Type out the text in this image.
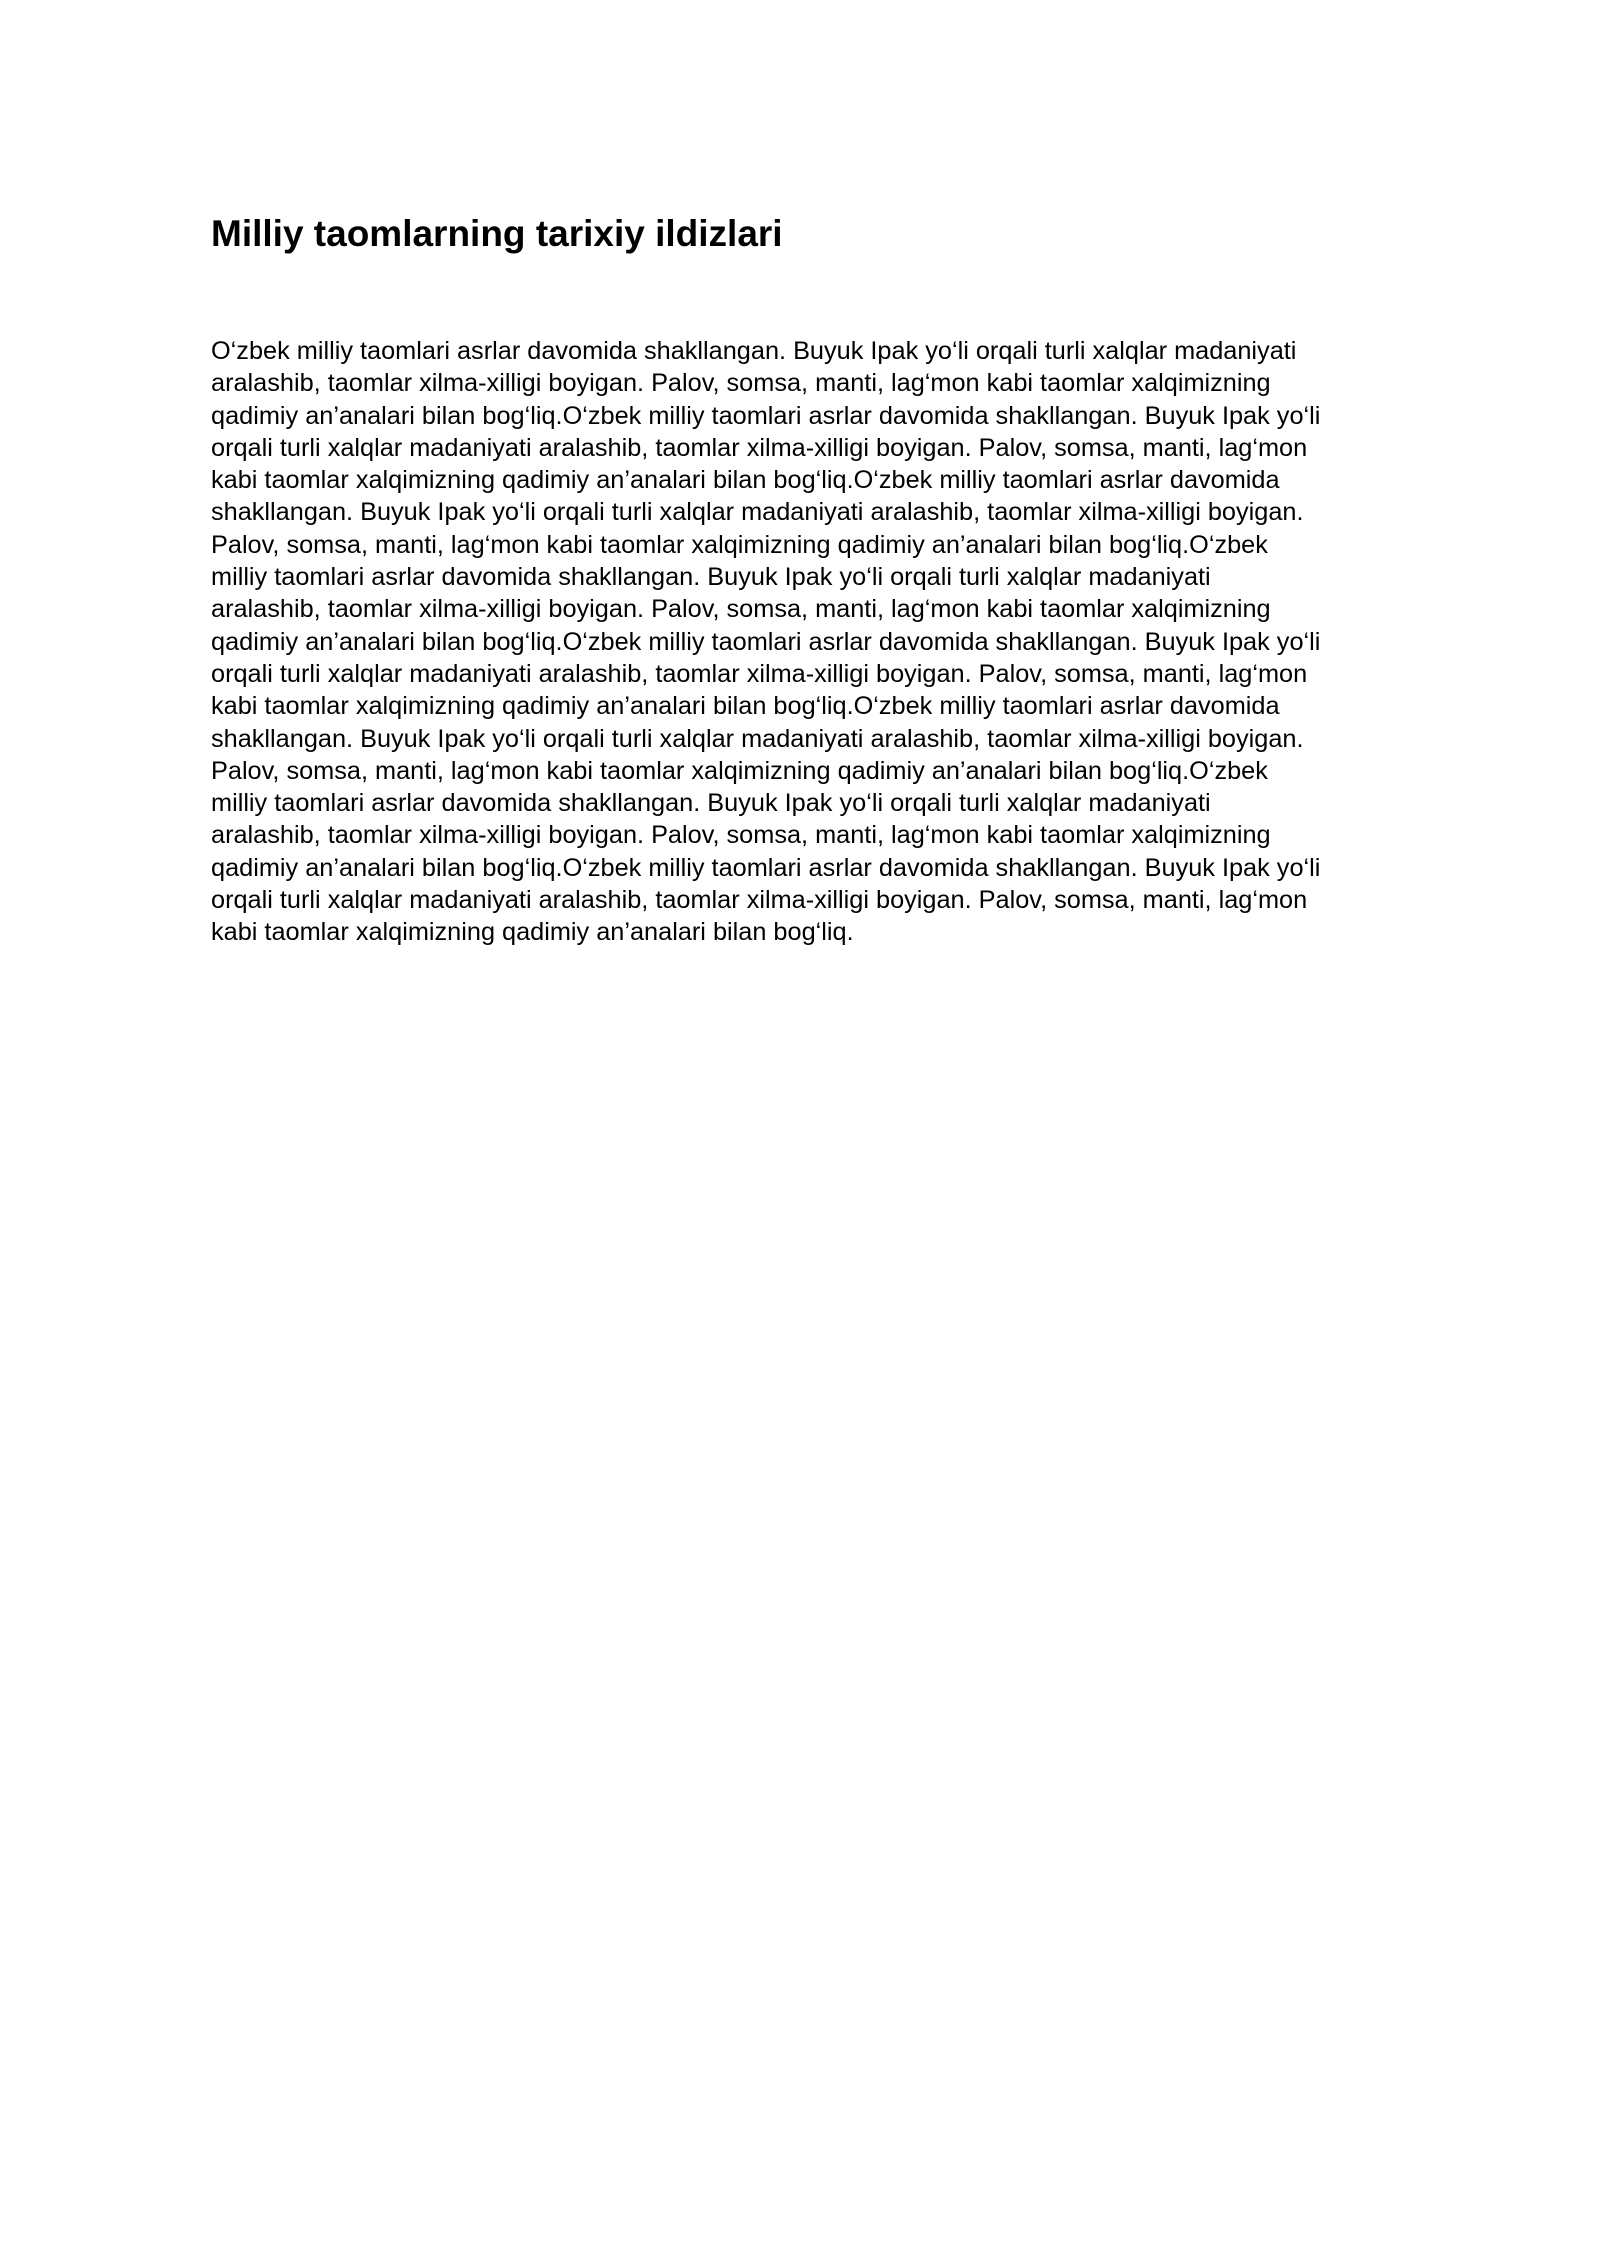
Milliy taomlarning tarixiy ildizlari
O‘zbek milliy taomlari asrlar davomida shakllangan. Buyuk Ipak yo‘li orqali turli xalqlar madaniyati
aralashib, taomlar xilma-xilligi boyigan. Palov, somsa, manti, lag‘mon kabi taomlar xalqimizning
qadimiy an’analari bilan bog‘liq.O‘zbek milliy taomlari asrlar davomida shakllangan. Buyuk Ipak yo‘li
orqali turli xalqlar madaniyati aralashib, taomlar xilma-xilligi boyigan. Palov, somsa, manti, lag‘mon
kabi taomlar xalqimizning qadimiy an’analari bilan bog‘liq.O‘zbek milliy taomlari asrlar davomida
shakllangan. Buyuk Ipak yo‘li orqali turli xalqlar madaniyati aralashib, taomlar xilma-xilligi boyigan.
Palov, somsa, manti, lag‘mon kabi taomlar xalqimizning qadimiy an’analari bilan bog‘liq.O‘zbek
milliy taomlari asrlar davomida shakllangan. Buyuk Ipak yo‘li orqali turli xalqlar madaniyati
aralashib, taomlar xilma-xilligi boyigan. Palov, somsa, manti, lag‘mon kabi taomlar xalqimizning
qadimiy an’analari bilan bog‘liq.O‘zbek milliy taomlari asrlar davomida shakllangan. Buyuk Ipak yo‘li
orqali turli xalqlar madaniyati aralashib, taomlar xilma-xilligi boyigan. Palov, somsa, manti, lag‘mon
kabi taomlar xalqimizning qadimiy an’analari bilan bog‘liq.O‘zbek milliy taomlari asrlar davomida
shakllangan. Buyuk Ipak yo‘li orqali turli xalqlar madaniyati aralashib, taomlar xilma-xilligi boyigan.
Palov, somsa, manti, lag‘mon kabi taomlar xalqimizning qadimiy an’analari bilan bog‘liq.O‘zbek
milliy taomlari asrlar davomida shakllangan. Buyuk Ipak yo‘li orqali turli xalqlar madaniyati
aralashib, taomlar xilma-xilligi boyigan. Palov, somsa, manti, lag‘mon kabi taomlar xalqimizning
qadimiy an’analari bilan bog‘liq.O‘zbek milliy taomlari asrlar davomida shakllangan. Buyuk Ipak yo‘li
orqali turli xalqlar madaniyati aralashib, taomlar xilma-xilligi boyigan. Palov, somsa, manti, lag‘mon
kabi taomlar xalqimizning qadimiy an’analari bilan bog‘liq.
